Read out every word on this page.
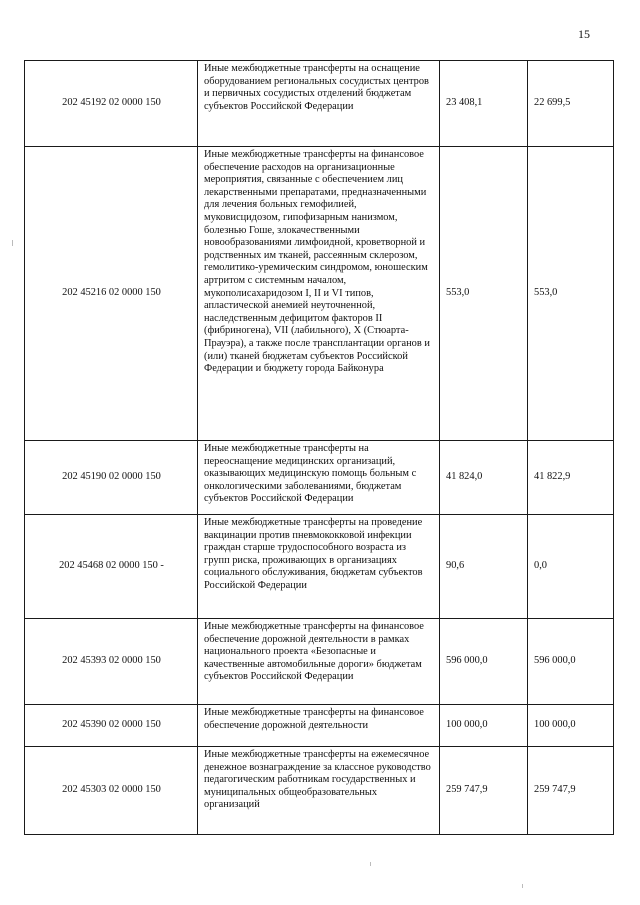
15
202 45192 02 0000 150	Иные межбюджетные трансферты на оснащение оборудованием региональных сосудистых центров и первичных сосудистых отделений бюджетам субъектов Российской Федерации	23 408,1	22 699,5
202 45216 02 0000 150	Иные межбюджетные трансферты на финансовое обеспечение расходов на организационные мероприятия, связанные с обеспечением лиц лекарственными препаратами, предназначенными для лечения больных гемофилией, муковисцидозом, гипофизарным нанизмом, болезнью Гоше, злокачественными новообразованиями лимфоидной, кроветворной и родственных им тканей, рассеянным склерозом, гемолитико-уремическим синдромом, юношеским артритом с системным началом, мукополисахаридозом I, II и VI типов, апластической анемией неуточненной, наследственным дефицитом факторов II (фибриногена), VII (лабильного), X (Стюарта-Прауэра), а также после трансплантации органов и (или) тканей бюджетам субъектов Российской Федерации и бюджету города Байконура	553,0	553,0
202 45190 02 0000 150	Иные межбюджетные трансферты на переоснащение медицинских организаций, оказывающих медицинскую помощь больным с онкологическими заболеваниями, бюджетам субъектов Российской Федерации	41 824,0	41 822,9
202 45468 02 0000 150 -	Иные межбюджетные трансферты на проведение вакцинации против пневмококковой инфекции граждан старше трудоспособного возраста из групп риска, проживающих в организациях социального обслуживания, бюджетам субъектов Российской Федерации	90,6	0,0
202 45393 02 0000 150	Иные межбюджетные трансферты на финансовое обеспечение дорожной деятельности в рамках национального проекта «Безопасные и качественные автомобильные дороги» бюджетам субъектов Российской Федерации	596 000,0	596 000,0
202 45390 02 0000 150	Иные межбюджетные трансферты на финансовое обеспечение дорожной деятельности	100 000,0	100 000,0
202 45303 02 0000 150	Иные межбюджетные трансферты на ежемесячное денежное вознаграждение за классное руководство педагогическим работникам государственных и муниципальных общеобразовательных организаций	259 747,9	259 747,9
